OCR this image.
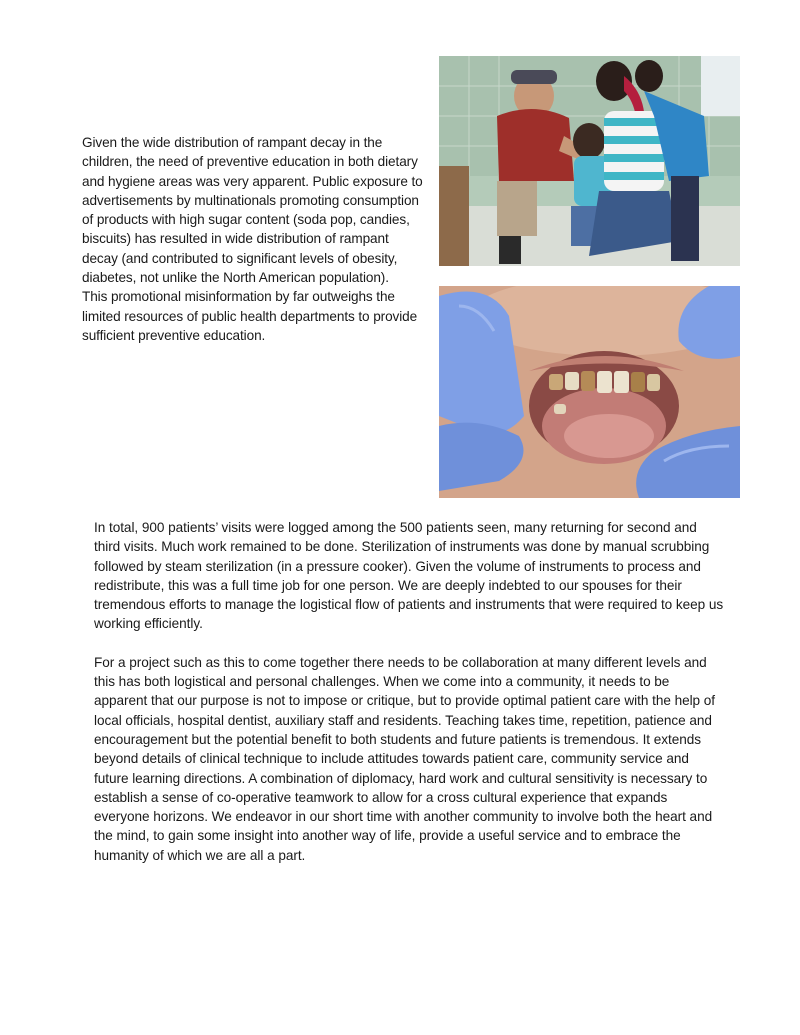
Given the wide distribution of rampant decay in the children, the need of preventive education in both dietary and hygiene areas was very apparent. Public exposure to advertisements by multinationals promoting consumption of products with high sugar content (soda pop, candies, biscuits) has resulted in wide distribution of rampant decay (and contributed to significant levels of obesity, diabetes, not unlike the North American population).

This promotional misinformation by far outweighs the limited resources of public health departments to provide sufficient preventive education.

In total, 900 patients’ visits were logged among the 500 patients seen, many returning for second and third visits. Much work remained to be done. Sterilization of instruments was done by manual scrubbing followed by steam sterilization (in a pressure cooker). Given the volume of instruments to process and redistribute, this was a full time job for one person. We are deeply indebted to our spouses for their tremendous efforts to manage the logistical flow of patients and instruments that were required to keep us working efficiently.

For a project such as this to come together there needs to be collaboration at many different levels and this has both logistical and personal challenges. When we come into a community, it needs to be apparent that our purpose is not to impose or critique, but to provide optimal patient care with the help of local officials, hospital dentist, auxiliary staff and residents. Teaching takes time, repetition, patience and encouragement but the potential benefit to both students and future patients is tremendous. It extends beyond details of clinical technique to include attitudes towards patient care, community service and future learning directions. A combination of diplomacy, hard work and cultural sensitivity is necessary to establish a sense of co-operative teamwork to allow for a cross cultural experience that expands everyone horizons. We endeavor in our short time with another community to involve both the heart and the mind, to gain some insight into another way of life, provide a useful service and to embrace the humanity of which we are all a part.
